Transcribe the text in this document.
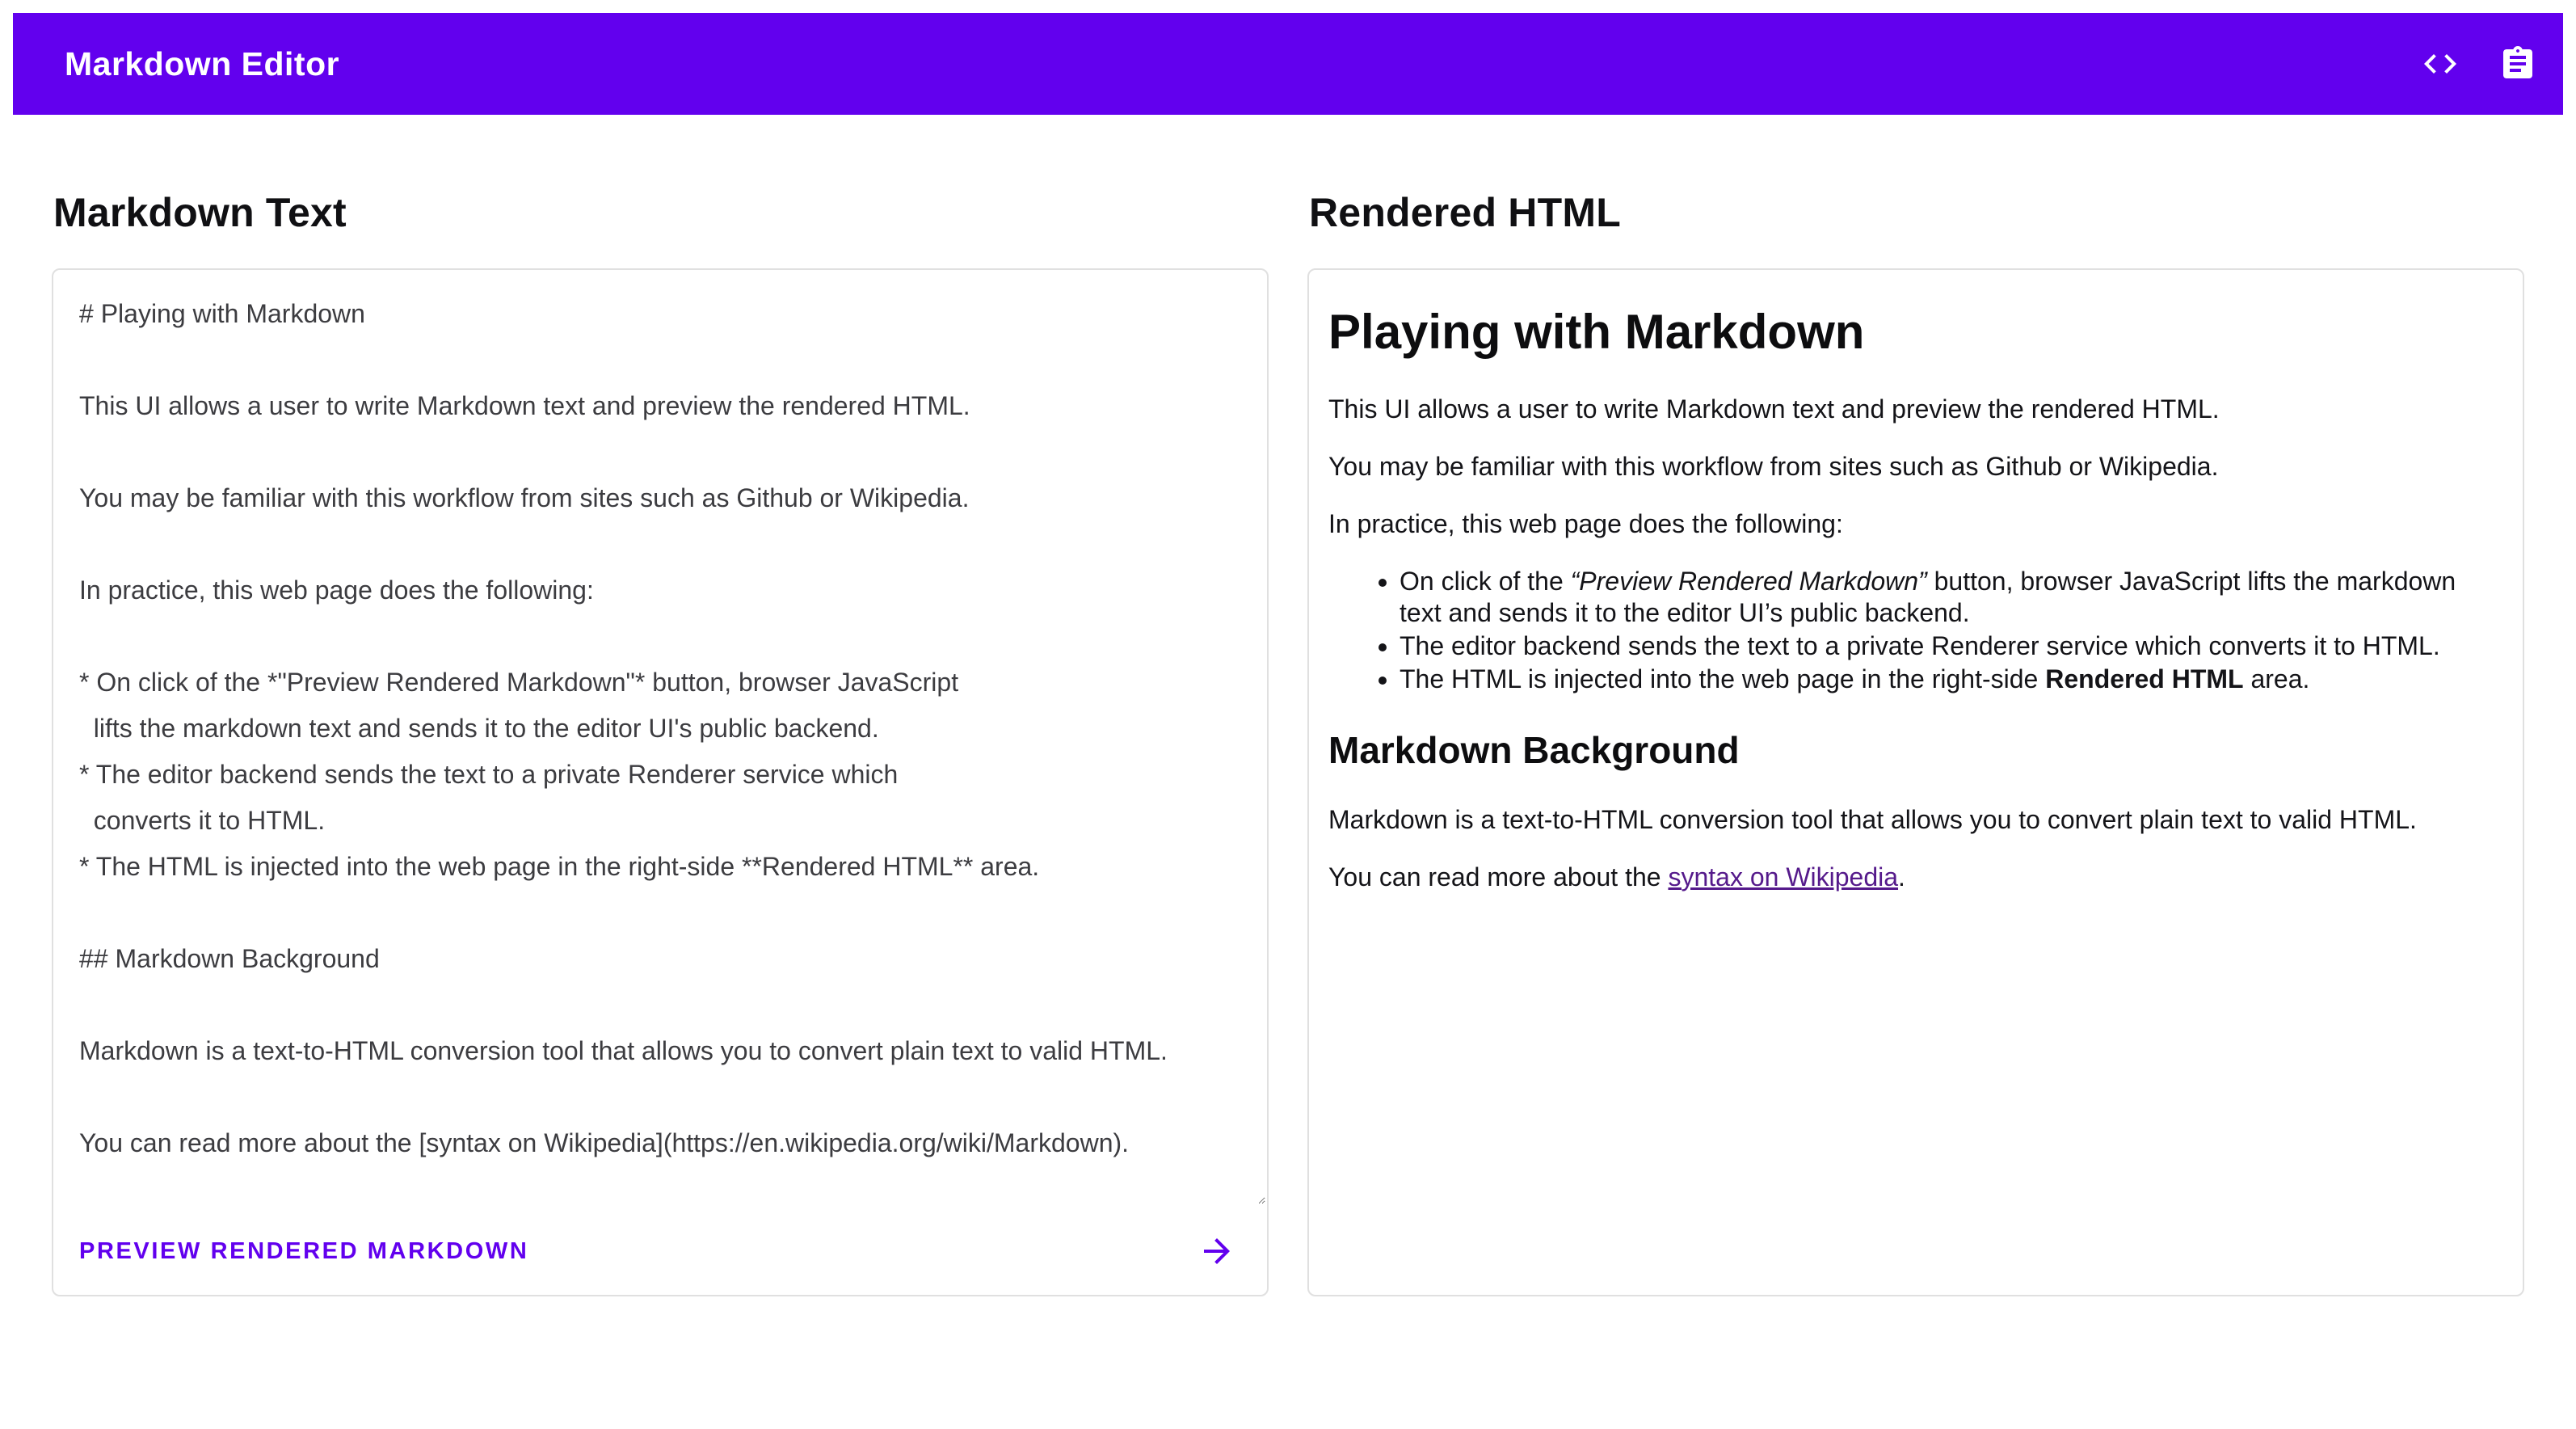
Markdown Editor
Markdown Text
# Playing with Markdown This UI allows a user to write Markdown text and preview the rendered HTML. You may be familiar with this workflow from sites such as Github or Wikipedia. In practice, this web page does the following: * On click of the *"Preview Rendered Markdown"* button, browser JavaScript lifts the markdown text and sends it to the editor UI's public backend. * The editor backend sends the text to a private Renderer service which converts it to HTML. * The HTML is injected into the web page in the right-side **Rendered HTML** area. ## Markdown Background Markdown is a text-to-HTML conversion tool that allows you to convert plain text to valid HTML. You can read more about the [syntax on Wikipedia](https://en.wikipedia.org/wiki/Markdown).
PREVIEW RENDERED MARKDOWN
Rendered HTML
Playing with Markdown

This UI allows a user to write Markdown text and preview the rendered HTML.

You may be familiar with this workflow from sites such as Github or Wikipedia.

In practice, this web page does the following:

• On click of the “Preview Rendered Markdown” button, browser JavaScript lifts the markdown text and sends it to the editor UI’s public backend.
• The editor backend sends the text to a private Renderer service which converts it to HTML.
• The HTML is injected into the web page in the right-side Rendered HTML area.
Markdown Background

Markdown is a text-to-HTML conversion tool that allows you to convert plain text to valid HTML.

You can read more about the syntax on Wikipedia.
